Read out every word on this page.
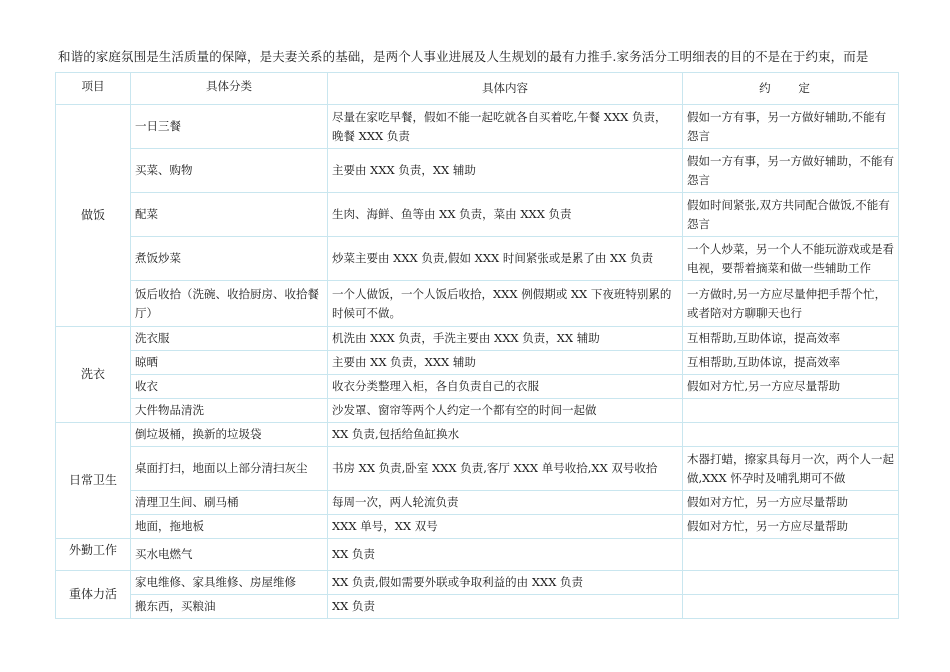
和谐的家庭氛围是生活质量的保障，是夫妻关系的基础，是两个人事业进展及人生规划的最有力推手.家务活分工明细表的目的不是在于约束，而是
项目	具体分类	具体内容	约 定
做饭	一日三餐	尽量在家吃早餐，假如不能一起吃就各自买着吃,午餐 XXX 负责，晚餐 XXX 负责	假如一方有事，另一方做好辅助,不能有怨言
	买菜、购物	主要由 XXX 负责，XX 辅助	假如一方有事，另一方做好辅助，不能有怨言
	配菜	生肉、海鲜、鱼等由 XX 负责，菜由 XXX 负责	假如时间紧张,双方共同配合做饭,不能有怨言
	煮饭炒菜	炒菜主要由 XXX 负责,假如 XXX 时间紧张或是累了由 XX 负责	一个人炒菜，另一个人不能玩游戏或是看电视，要帮着摘菜和做一些辅助工作
	饭后收拾（洗碗、收拾厨房、收拾餐厅）	一个人做饭，一个人饭后收拾，XXX 例假期或 XX 下夜班特别累的时候可不做。	一方做时,另一方应尽量伸把手帮个忙，或者陪对方聊聊天也行
洗衣	洗衣服	机洗由 XXX 负责，手洗主要由 XXX 负责，XX 辅助	互相帮助,互助体谅，提高效率
	晾晒	主要由 XX 负责，XXX 辅助	互相帮助,互助体谅，提高效率
	收衣	收衣分类整理入柜，各自负责自己的衣服	假如对方忙,另一方应尽量帮助
	大件物品清洗	沙发罩、窗帘等两个人约定一个都有空的时间一起做	
日常卫生	倒垃圾桶，换新的垃圾袋	XX 负责,包括给鱼缸换水	
	桌面打扫，地面以上部分清扫灰尘	书房 XX 负责,卧室 XXX 负责,客厅 XXX 单号收拾,XX 双号收拾	木器打蜡，擦家具每月一次，两个人一起做,XXX 怀孕时及哺乳期可不做
	清理卫生间、刷马桶	每周一次，两人轮流负责	假如对方忙，另一方应尽量帮助
	地面，拖地板	XXX 单号，XX 双号	假如对方忙，另一方应尽量帮助
外勤工作	买水电燃气	XX 负责	
重体力活	家电维修、家具维修、房屋维修	XX 负责,假如需要外联或争取利益的由 XXX 负责	
	搬东西，买粮油	XX 负责	
